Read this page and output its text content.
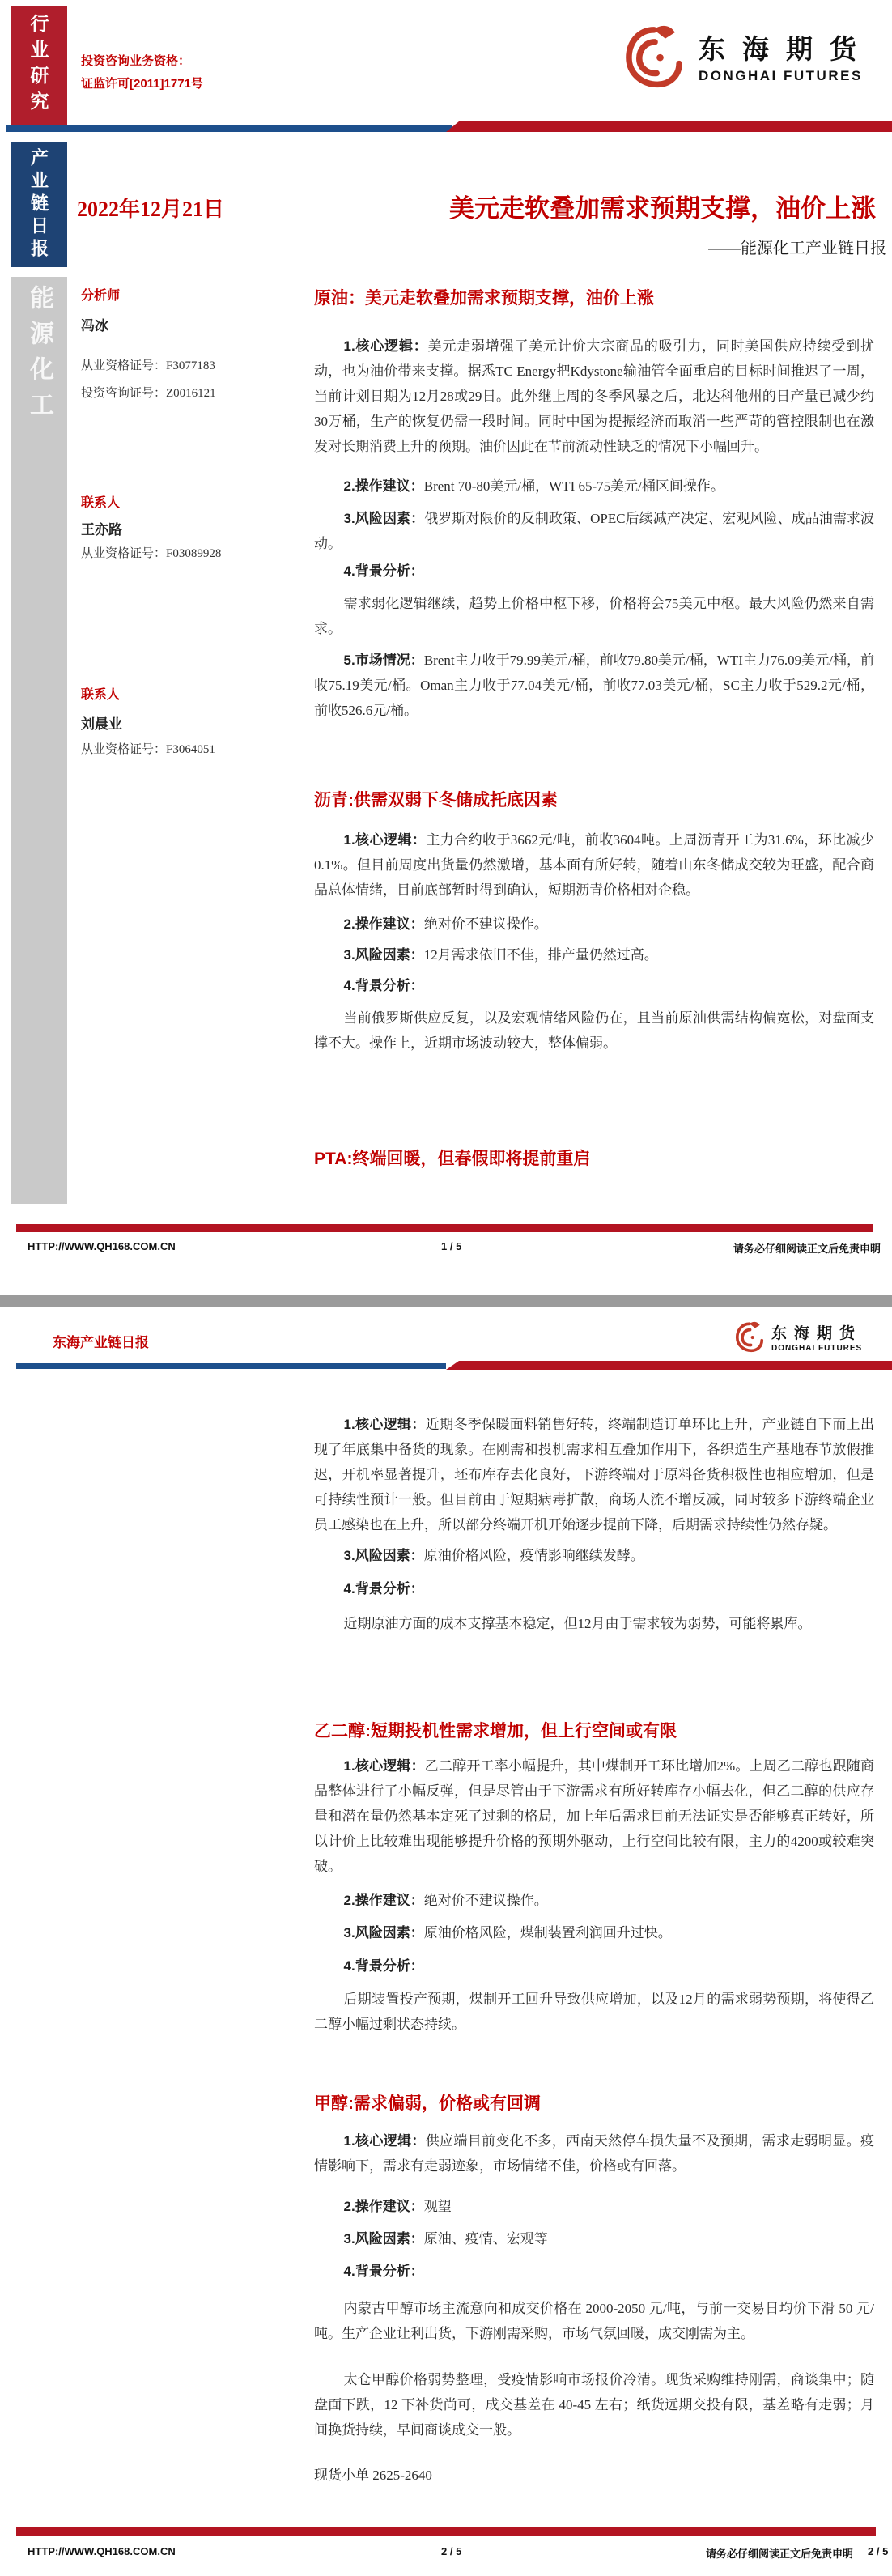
行业研究
产业链日报
能源化工
投资咨询业务资格：
证监许可[2011]1771号
东海期货
DONGHAI FUTURES
2022年12月21日	美元走软叠加需求预期支撑，油价上涨
——能源化工产业链日报
分析师
冯冰
从业资格证号：F3077183
投资咨询证号：Z0016121
联系人
王亦路
从业资格证号：F03089928
联系人
刘晨业
从业资格证号：F3064051
原油：美元走软叠加需求预期支撑，油价上涨

1.核心逻辑：美元走弱增强了美元计价大宗商品的吸引力，同时美国供应持续受到扰动，也为油价带来支撑。据悉TC Energy把Kdystone输油管全面重启的目标时间推迟了一周，当前计划日期为12月28或29日。此外继上周的冬季风暴之后，北达科他州的日产量已减少约30万桶，生产的恢复仍需一段时间。同时中国为提振经济而取消一些严苛的管控限制也在激发对长期消费上升的预期。油价因此在节前流动性缺乏的情况下小幅回升。

2.操作建议：Brent 70-80美元/桶，WTI 65-75美元/桶区间操作。

3.风险因素：俄罗斯对限价的反制政策、OPEC后续减产决定、宏观风险、成品油需求波动。

4.背景分析：

需求弱化逻辑继续，趋势上价格中枢下移，价格将会75美元中枢。最大风险仍然来自需求。

5.市场情况：Brent主力收于79.99美元/桶，前收79.80美元/桶，WTI主力76.09美元/桶，前收75.19美元/桶。Oman主力收于77.04美元/桶，前收77.03美元/桶，SC主力收于529.2元/桶，前收526.6元/桶。

沥青:供需双弱下冬储成托底因素

1.核心逻辑：主力合约收于3662元/吨，前收3604吨。上周沥青开工为31.6%，环比减少0.1%。但目前周度出货量仍然激增，基本面有所好转，随着山东冬储成交较为旺盛，配合商品总体情绪，目前底部暂时得到确认，短期沥青价格相对企稳。

2.操作建议：绝对价不建议操作。

3.风险因素：12月需求依旧不佳，排产量仍然过高。

4.背景分析：

当前俄罗斯供应反复，以及宏观情绪风险仍在，且当前原油供需结构偏宽松，对盘面支撑不大。操作上，近期市场波动较大，整体偏弱。

PTA:终端回暖，但春假即将提前重启
HTTP://WWW.QH168.COM.CN	1 / 5	请务必仔细阅读正文后免责申明
东海产业链日报
东海期货
DONGHAI FUTURES

1.核心逻辑：近期冬季保暖面料销售好转，终端制造订单环比上升，产业链自下而上出现了年底集中备货的现象。在刚需和投机需求相互叠加作用下，各织造生产基地春节放假推迟，开机率显著提升，坯布库存去化良好，下游终端对于原料备货积极性也相应增加，但是可持续性预计一般。但目前由于短期病毒扩散，商场人流不增反减，同时较多下游终端企业员工感染也在上升，所以部分终端开机开始逐步提前下降，后期需求持续性仍然存疑。

3.风险因素：原油价格风险，疫情影响继续发酵。

4.背景分析：

近期原油方面的成本支撑基本稳定，但12月由于需求较为弱势，可能将累库。

乙二醇:短期投机性需求增加，但上行空间或有限

1.核心逻辑：乙二醇开工率小幅提升，其中煤制开工环比增加2%。上周乙二醇也跟随商品整体进行了小幅反弹，但是尽管由于下游需求有所好转库存小幅去化，但乙二醇的供应存量和潜在量仍然基本定死了过剩的格局，加上年后需求目前无法证实是否能够真正转好，所以计价上比较难出现能够提升价格的预期外驱动，上行空间比较有限，主力的4200或较难突破。

2.操作建议：绝对价不建议操作。

3.风险因素：原油价格风险，煤制装置利润回升过快。

4.背景分析：

后期装置投产预期，煤制开工回升导致供应增加，以及12月的需求弱势预期，将使得乙二醇小幅过剩状态持续。

甲醇:需求偏弱，价格或有回调

1.核心逻辑：供应端目前变化不多，西南天然停车损失量不及预期，需求走弱明显。疫情影响下，需求有走弱迹象，市场情绪不佳，价格或有回落。

2.操作建议：观望

3.风险因素：原油、疫情、宏观等

4.背景分析：

内蒙古甲醇市场主流意向和成交价格在 2000-2050 元/吨，与前一交易日均价下滑 50 元/吨。生产企业让利出货，下游刚需采购，市场气氛回暖，成交刚需为主。

太仓甲醇价格弱势整理，受疫情影响市场报价冷清。现货采购维持刚需，商谈集中；随盘面下跌，12 下补货尚可，成交基差在 40-45 左右；纸货远期交投有限，基差略有走弱；月间换货持续，早间商谈成交一般。

现货小单 2625-2640

HTTP://WWW.QH168.COM.CN	2 / 5	请务必仔细阅读正文后免责申明 2 / 5
